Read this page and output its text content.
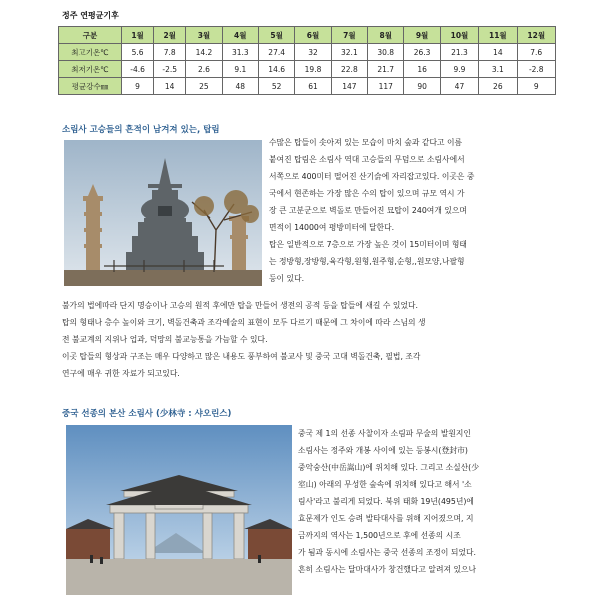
정주 연평균기후
구분	1월	2월	3월	4월	5월	6월	7월	8월	9월	10월	11월	12월
최고기온℃	5.6	7.8	14.2	31.3	27.4	32	32.1	30.8	26.3	21.3	14	7.6
최저기온℃	-4.6	-2.5	2.6	9.1	14.6	19.8	22.8	21.7	16	9.9	3.1	-2.8
평균강수㎜	9	14	25	48	52	61	147	117	90	47	26	9
소림사 고승들의 흔적이 남겨져 있는, 탑림
수많은 탑들이 솟아져 있는 모습이 마치 숲과 같다고 이름
붙여진 탑림은 소림사 역대 고승들의 무덤으로 소림사에서
서쪽으로 400미터 떨어진 산기슭에 자리잡고있다. 이곳은 중
국에서 현존하는 가장 많은 수의 탑이 있으며 규모 역시 가
장 큰 고분군으로 벽돌로 만들어진 묘탑이 240여개 있으며
면적이 14000여 평방미터에 달한다.
탑은 일반적으로 7층으로 가장 높은 것이 15미터이며 형태
는 정방형,장방형,육각형,원형,원주형,순형,,원모양,나팔형
등이 있다.
불가의 법에따라 단지 명승이나 고승의 원적 후에만 탑을 만들어 생전의 공적 등을 탑들에 새길 수 있었다.
탑의 형태나 층수 높이와 크기, 벽돌건축과 조각예술의 표현이 모두 다르기 때문에 그 차이에 따라 스님의 생
전 불교계의 지위나 업과, 덕망의 불교능통을 가늠할 수 있다.
이곳 탑들의 형상과 구조는 매우 다양하고 많은 내용도 풍부하여 불교사 및 중국 고대 벽돌건축, 필법, 조각
연구에 매우 귀한 자료가 되고있다.
중국 선종의 본산 소림사 (少林寺 : 샤오린스)
중국 제 1의 선종 사찰이자 소림파 무술의 발원지인
소림사는 정주와 개봉 사이에 있는 등봉시(登封市)
중악숭산(中岳嵩山)에 위치해 있다. 그리고 소실산(少
室山) 아래의 무성한 숲속에 위치해 있다고 해서 '소
림사'라고 불리게 되었다. 북위 태화 19년(495년)에
효문제가 인도 승려 발타대사를 위해 지어졌으며, 지
금까지의 역사는 1,500년으로 후에 선종의 시조
가 됨과 동시에 소림사는 중국 선종의 조정이 되었다.
흔히 소림사는 달마대사가 창건했다고 알려져 있으나
